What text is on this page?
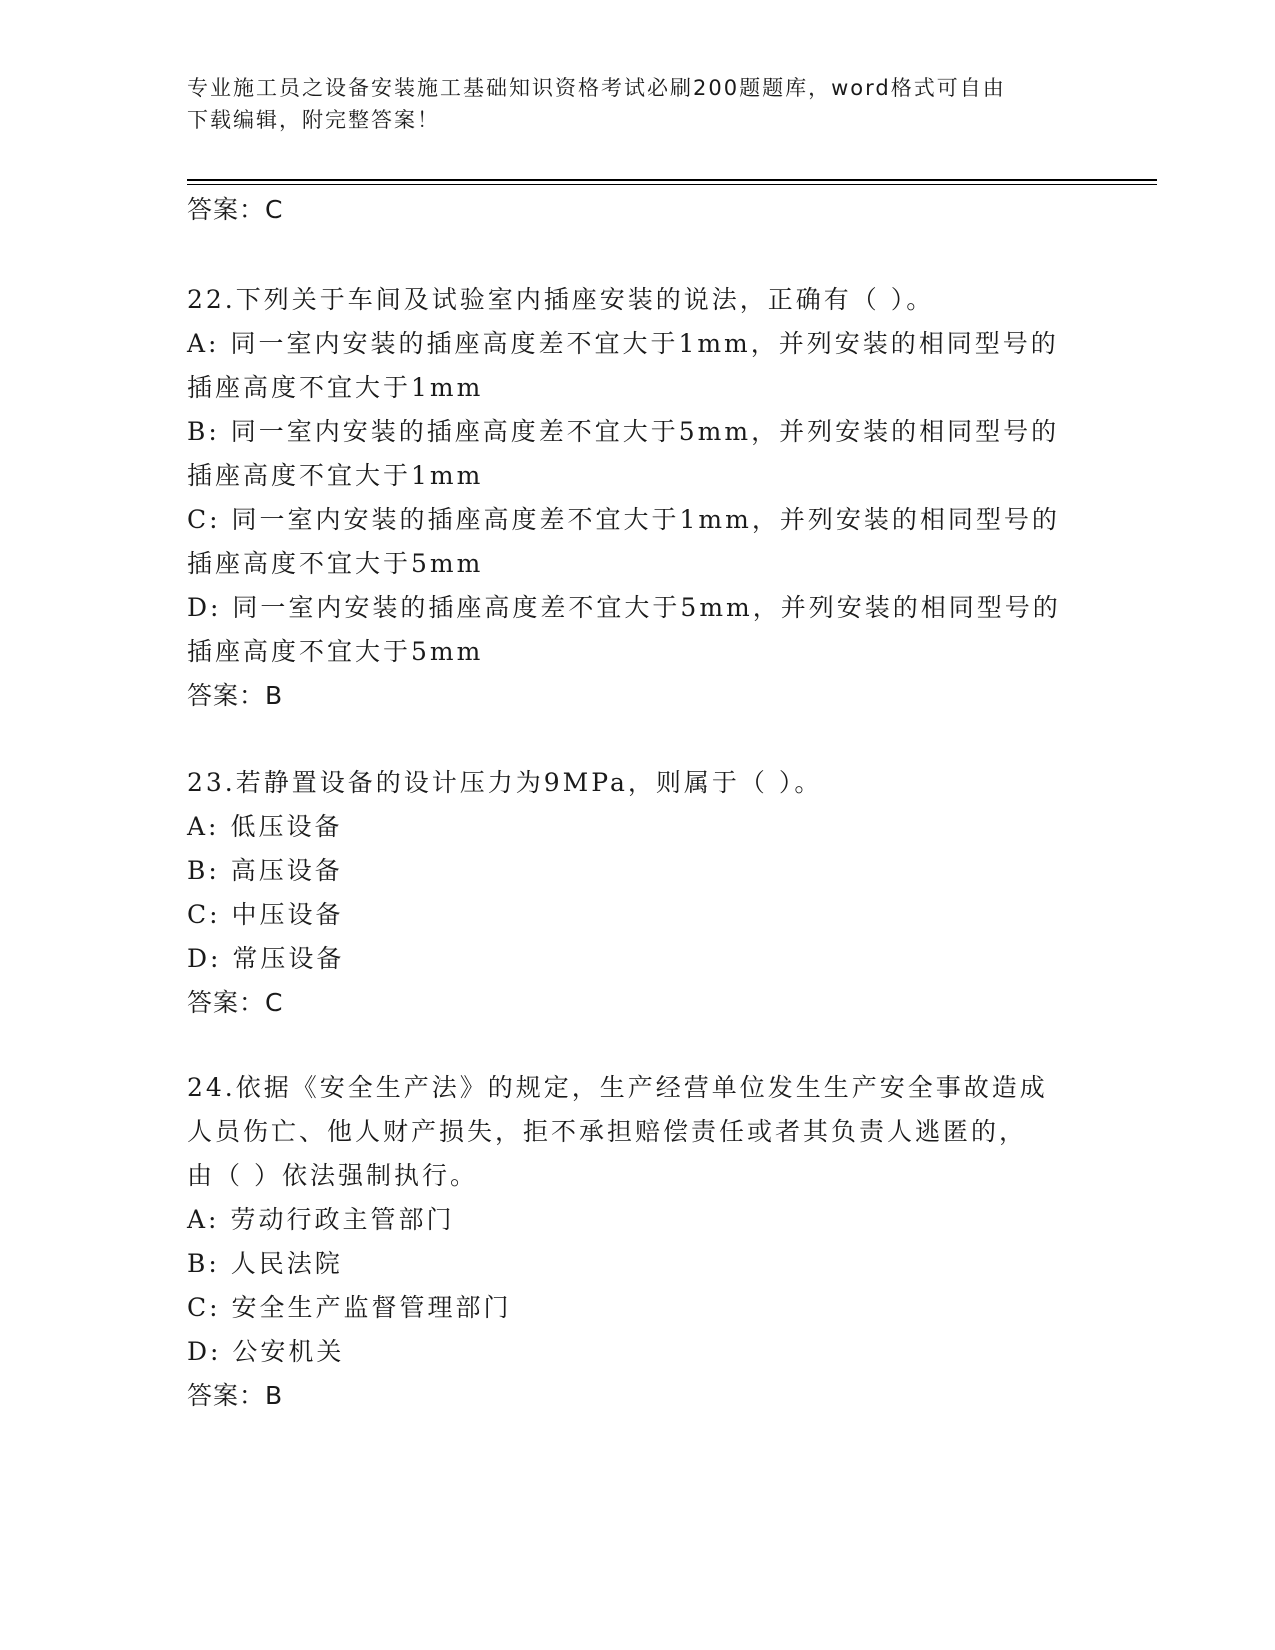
专业施工员之设备安装施工基础知识资格考试必刷200题题库，word格式可自由
下载编辑，附完整答案！
答案：C
22.下列关于车间及试验室内插座安装的说法，正确有（ ）。
A: 同一室内安装的插座高度差不宜大于1mm，并列安装的相同型号的
插座高度不宜大于1mm
B: 同一室内安装的插座高度差不宜大于5mm，并列安装的相同型号的
插座高度不宜大于1mm
C: 同一室内安装的插座高度差不宜大于1mm，并列安装的相同型号的
插座高度不宜大于5mm
D: 同一室内安装的插座高度差不宜大于5mm，并列安装的相同型号的
插座高度不宜大于5mm
答案：B
23.若静置设备的设计压力为9MPa，则属于（ ）。
A: 低压设备
B: 高压设备
C: 中压设备
D: 常压设备
答案：C
24.依据《安全生产法》的规定，生产经营单位发生生产安全事故造成
人员伤亡、他人财产损失，拒不承担赔偿责任或者其负责人逃匿的，
由（ ）依法强制执行。
A: 劳动行政主管部门
B: 人民法院
C: 安全生产监督管理部门
D: 公安机关
答案：B
